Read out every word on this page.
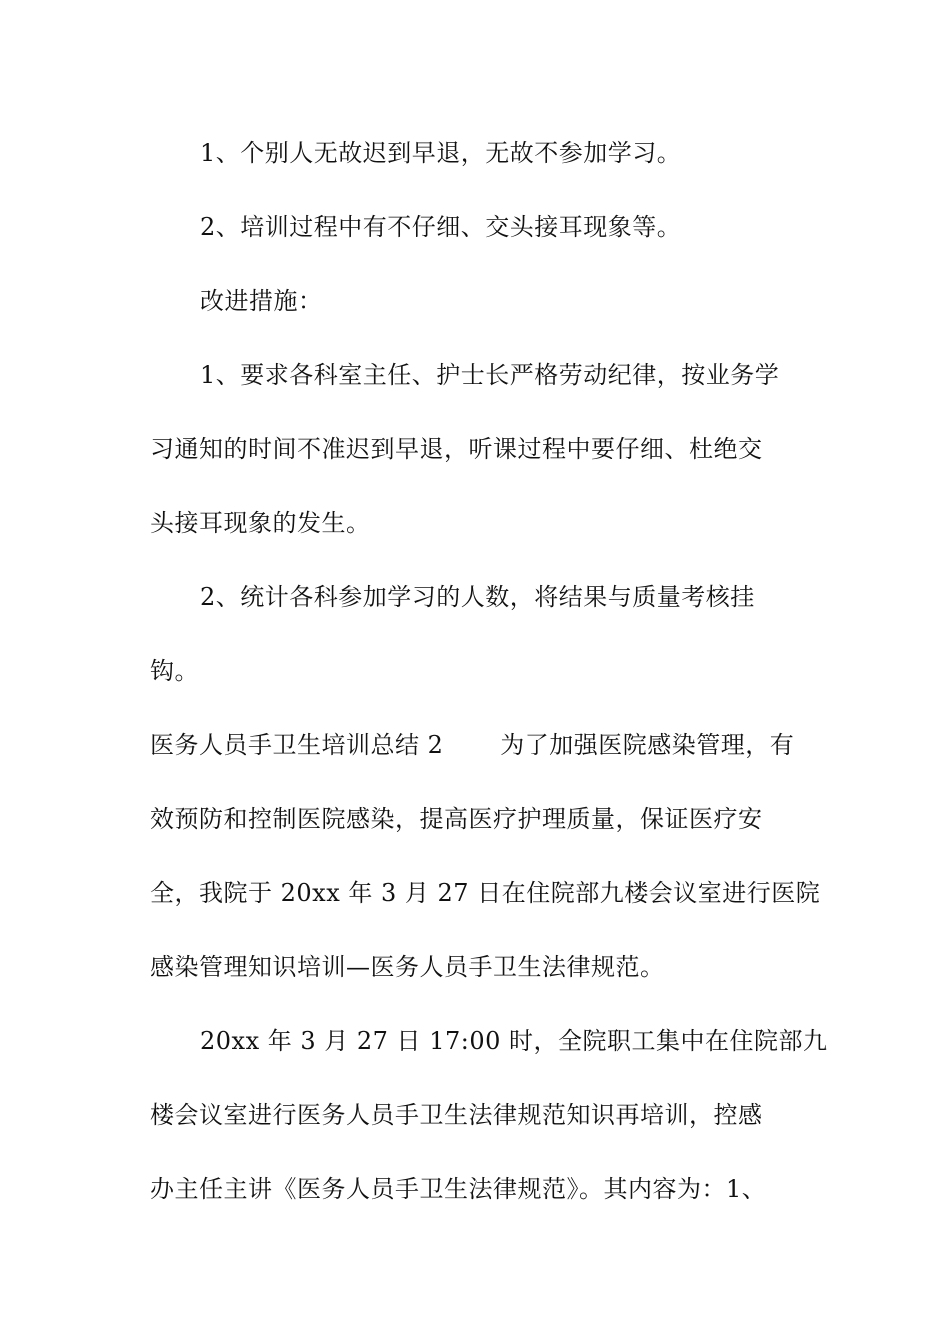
1、个别人无故迟到早退，无故不参加学习。
2、培训过程中有不仔细、交头接耳现象等。
改进措施：
1、要求各科室主任、护士长严格劳动纪律，按业务学
习通知的时间不准迟到早退，听课过程中要仔细、杜绝交
头接耳现象的发生。
2、统计各科参加学习的人数，将结果与质量考核挂
钩。
医务人员手卫生培训总结 2       为了加强医院感染管理，有
效预防和控制医院感染，提高医疗护理质量，保证医疗安
全，我院于 20xx 年 3 月 27 日在住院部九楼会议室进行医院
感染管理知识培训—医务人员手卫生法律规范。
20xx 年 3 月 27 日 17:00 时，全院职工集中在住院部九
楼会议室进行医务人员手卫生法律规范知识再培训，控感
办主任主讲《医务人员手卫生法律规范》。其内容为：1、
